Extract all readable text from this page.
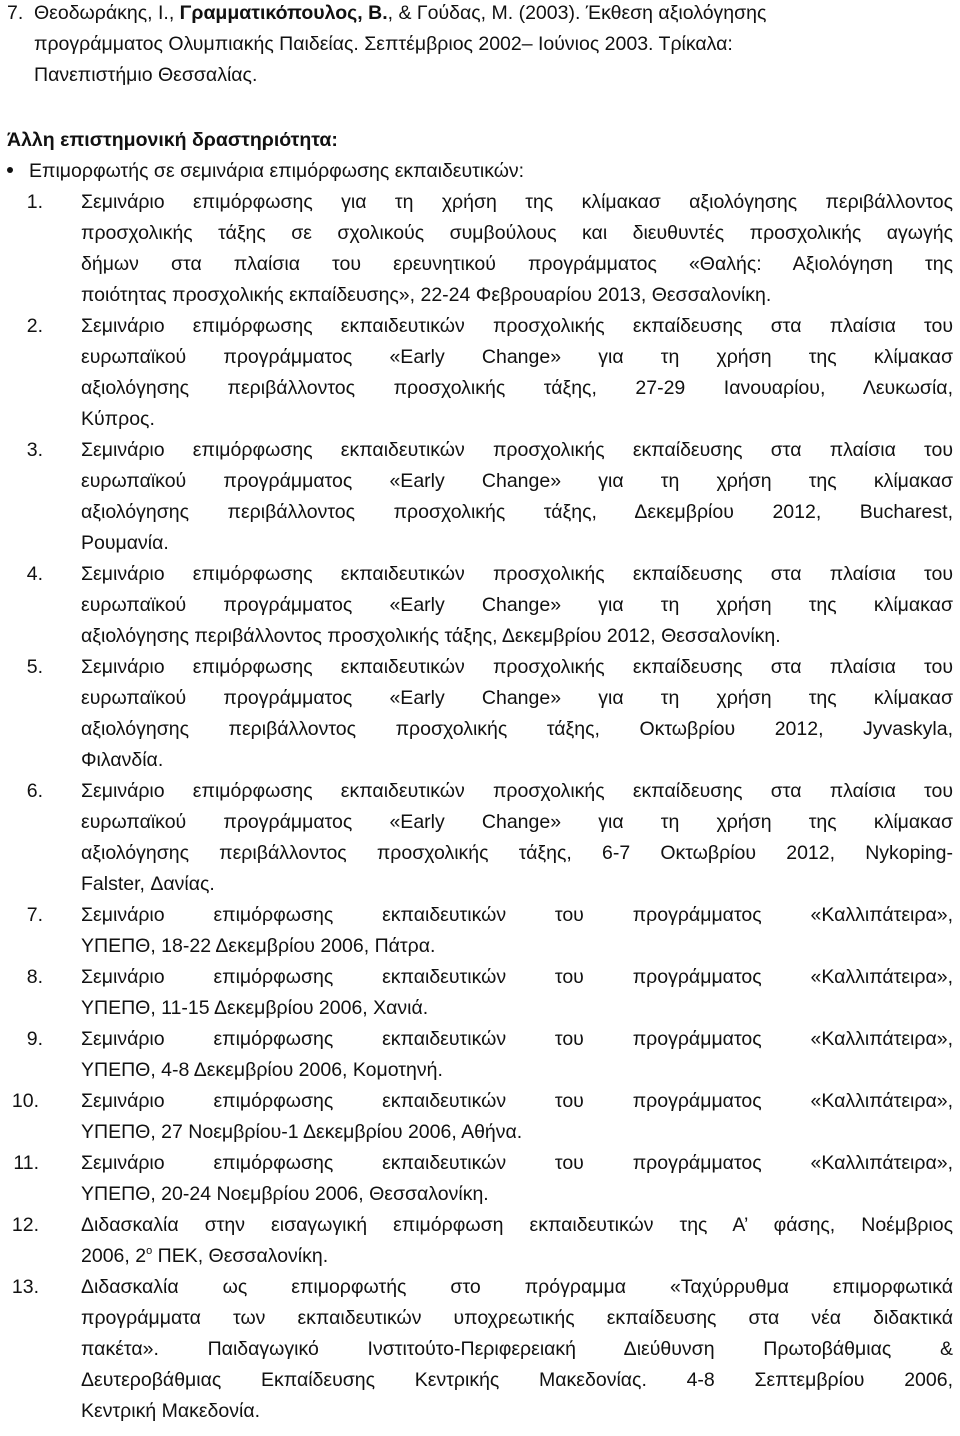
7. Θεοδωράκης, Ι., Γραμματικόπουλος, Β., & Γούδας, Μ. (2003). Έκθεση αξιολόγησης
προγράμματος Ολυμπιακής Παιδείας. Σεπτέμβριος 2002– Ιούνιος 2003. Τρίκαλα:
Πανεπιστήμιο Θεσσαλίας.
Άλλη επιστημονική δραστηριότητα:
Επιμορφωτής σε σεμινάρια επιμόρφωσης εκπαιδευτικών:
1. Σεμινάριο επιμόρφωσης για τη χρήση της κλίμακασ αξιολόγησης περιβάλλοντος
προσχολικής τάξης σε σχολικούς συμβούλους και διευθυντές προσχολικής αγωγής
δήμων στα πλαίσια του ερευνητικού προγράμματος «Θαλής: Αξιολόγηση της
ποιότητας προσχολικής εκπαίδευσης», 22-24 Φεβρουαρίου 2013, Θεσσαλονίκη.
2. Σεμινάριο επιμόρφωσης εκπαιδευτικών προσχολικής εκπαίδευσης στα πλαίσια του
ευρωπαϊκού προγράμματος «Early Change» για τη χρήση της κλίμακασ
αξιολόγησης περιβάλλοντος προσχολικής τάξης, 27-29 Ιανουαρίου, Λευκωσία,
Κύπρος.
3. Σεμινάριο επιμόρφωσης εκπαιδευτικών προσχολικής εκπαίδευσης στα πλαίσια του
ευρωπαϊκού προγράμματος «Early Change» για τη χρήση της κλίμακασ
αξιολόγησης περιβάλλοντος προσχολικής τάξης, Δεκεμβρίου 2012, Bucharest,
Ρουμανία.
4. Σεμινάριο επιμόρφωσης εκπαιδευτικών προσχολικής εκπαίδευσης στα πλαίσια του
ευρωπαϊκού προγράμματος «Early Change» για τη χρήση της κλίμακασ
αξιολόγησης περιβάλλοντος προσχολικής τάξης, Δεκεμβρίου 2012, Θεσσαλονίκη.
5. Σεμινάριο επιμόρφωσης εκπαιδευτικών προσχολικής εκπαίδευσης στα πλαίσια του
ευρωπαϊκού προγράμματος «Early Change» για τη χρήση της κλίμακασ
αξιολόγησης περιβάλλοντος προσχολικής τάξης, Οκτωβρίου 2012, Jyvaskyla,
Φιλανδία.
6. Σεμινάριο επιμόρφωσης εκπαιδευτικών προσχολικής εκπαίδευσης στα πλαίσια του
ευρωπαϊκού προγράμματος «Early Change» για τη χρήση της κλίμακασ
αξιολόγησης περιβάλλοντος προσχολικής τάξης, 6-7 Οκτωβρίου 2012, Nykoping-
Falster, Δανίας.
7. Σεμινάριο επιμόρφωσης εκπαιδευτικών του προγράμματος «Καλλιπάτειρα»,
ΥΠΕΠΘ, 18-22 Δεκεμβρίου 2006, Πάτρα.
8. Σεμινάριο επιμόρφωσης εκπαιδευτικών του προγράμματος «Καλλιπάτειρα»,
ΥΠΕΠΘ, 11-15 Δεκεμβρίου 2006, Χανιά.
9. Σεμινάριο επιμόρφωσης εκπαιδευτικών του προγράμματος «Καλλιπάτειρα»,
ΥΠΕΠΘ, 4-8 Δεκεμβρίου 2006, Κομοτηνή.
10. Σεμινάριο επιμόρφωσης εκπαιδευτικών του προγράμματος «Καλλιπάτειρα»,
ΥΠΕΠΘ, 27 Νοεμβρίου-1 Δεκεμβρίου 2006, Αθήνα.
11. Σεμινάριο επιμόρφωσης εκπαιδευτικών του προγράμματος «Καλλιπάτειρα»,
ΥΠΕΠΘ, 20-24 Νοεμβρίου 2006, Θεσσαλονίκη.
12. Διδασκαλία στην εισαγωγική επιμόρφωση εκπαιδευτικών της Α’ φάσης, Νοέμβριος
2006, $2^o$ ΠΕΚ, Θεσσαλονίκη.
13. Διδασκαλία ως επιμορφωτής στο πρόγραμμα «Ταχύρρυθμα επιμορφωτικά
προγράμματα των εκπαιδευτικών υποχρεωτικής εκπαίδευσης στα νέα διδακτικά
πακέτα». Παιδαγωγικό Ινστιτούτο-Περιφερειακή Διεύθυνση Πρωτοβάθμιας &
Δευτεροβάθμιας Εκπαίδευσης Κεντρικής Μακεδονίας. 4-8 Σεπτεμβρίου 2006,
Κεντρική Μακεδονία.
